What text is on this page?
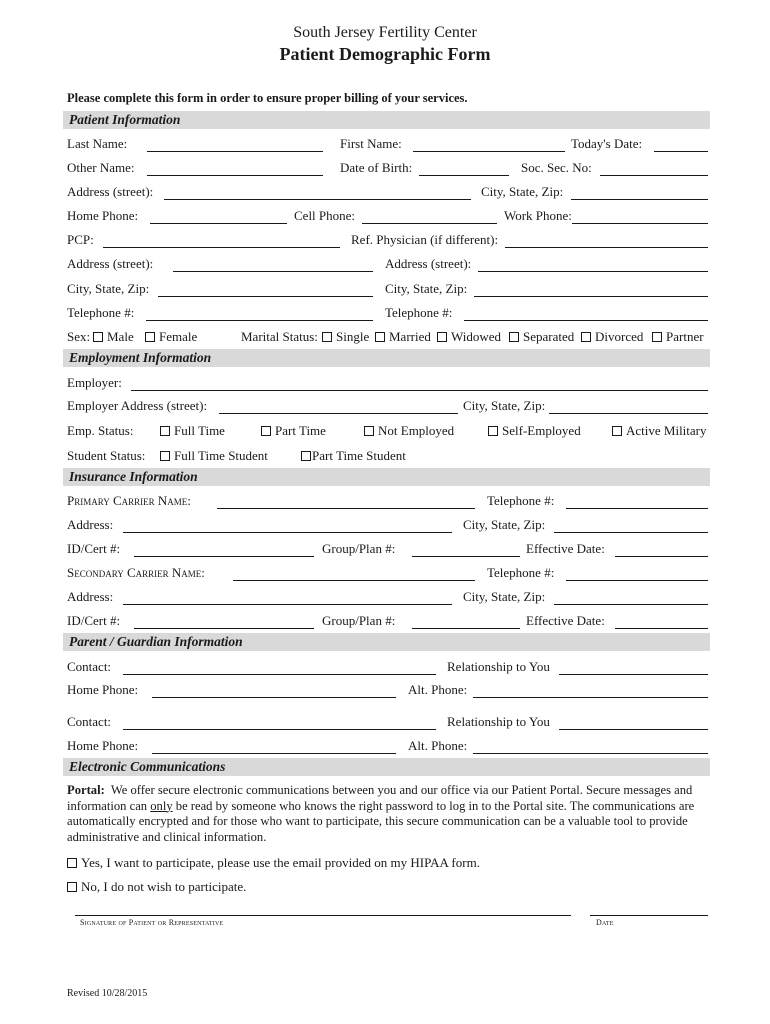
South Jersey Fertility Center
Patient Demographic Form
Please complete this form in order to ensure proper billing of your services.
Patient Information
Last Name:	First Name:	Today's Date:
Other Name:	Date of Birth:	Soc. Sec. No:
Address (street):	City, State, Zip:
Home Phone:	Cell Phone:	Work Phone:
PCP:	Ref. Physician (if different):
Address (street):	Address (street):
City, State, Zip:	City, State, Zip:
Telephone #:	Telephone #:
Sex:	Male	Female	Marital Status:	Single	Married	Widowed	Separated	Divorced	Partner
Employment Information
Employer:
Employer Address (street):	City, State, Zip:
Emp. Status:	Full Time	Part Time	Not Employed	Self-Employed	Active Military
Student Status:	Full Time Student	Part Time Student
Insurance Information
Primary Carrier Name:	Telephone #:
Address:	City, State, Zip:
ID/Cert #:	Group/Plan #:	Effective Date:
Secondary Carrier Name:	Telephone #:
Address:	City, State, Zip:
ID/Cert #:	Group/Plan #:	Effective Date:
Parent / Guardian Information
Contact:	Relationship to You
Home Phone:	Alt. Phone:
Contact:	Relationship to You
Home Phone:	Alt. Phone:
Electronic Communications
Portal: We offer secure electronic communications between you and our office via our Patient Portal. Secure messages and information can only be read by someone who knows the right password to log in to the Portal site. The communications are automatically encrypted and for those who want to participate, this secure communication can be a valuable tool to provide administrative and clinical information.
Yes, I want to participate, please use the email provided on my HIPAA form.
No, I do not wish to participate.
Signature of Patient or Representative	Date
Revised 10/28/2015
